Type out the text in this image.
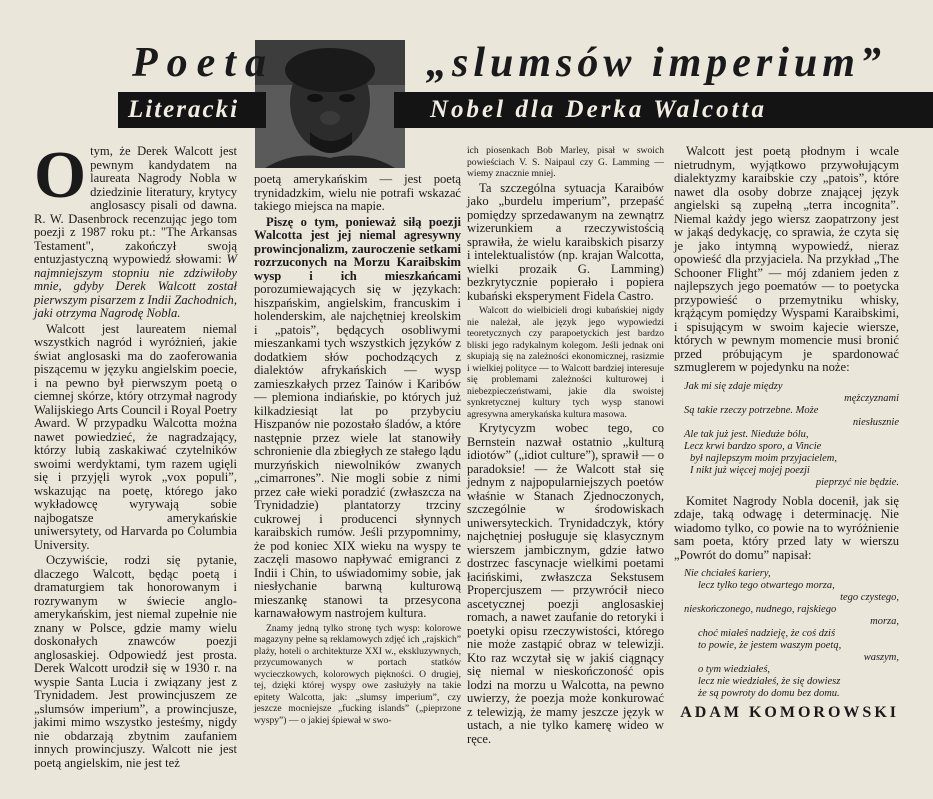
Poeta	„slumsów imperium”
Literacki	Nobel dla Derka Walcotta

Otym, że Derek Walcott jest pewnym kandydatem na laureata Nagrody Nobla w dziedzinie literatury, krytycy anglosascy pisali od dawna. R. W. Dasenbrock recenzując jego tom poezji z 1987 roku pt.: "The Arkansas Testament", zakończył swoją entuzjastyczną wypowiedź słowami: W najmniejszym stopniu nie zdziwiłoby mnie, gdyby Derek Walcott został pierwszym pisarzem z Indii Zachodnich, jaki otrzyma Nagrodę Nobla.

Walcott jest laureatem niemal wszystkich nagród i wyróżnień, jakie świat anglosaski ma do zaoferowania piszącemu w języku angielskim poecie, i na pewno był pierwszym poetą o ciemnej skórze, który otrzymał nagrody Walijskiego Arts Council i Royal Poetry Award. W przypadku Walcotta można nawet powiedzieć, że nagradzający, którzy lubią zaskakiwać czytelników swoimi werdyktami, tym razem ugięli się i przyjęli wyrok „vox populi”, wskazując na poetę, którego jako wykładowcę wyrywają sobie najbogatsze amerykańskie uniwersytety, od Harvarda po Columbia University.

Oczywiście, rodzi się pytanie, dlaczego Walcott, będąc poetą i dramaturgiem tak honorowanym i rozrywanym w świecie anglo-amerykańskim, jest niemal zupełnie nie znany w Polsce, gdzie mamy wielu doskonałych znawców poezji anglosaskiej. Odpowiedź jest prosta. Derek Walcott urodził się w 1930 r. na wyspie Santa Lucia i związany jest z Trynidadem. Jest prowincjuszem ze „slumsów imperium”, a prowincjusze, jakimi mimo wszystko jesteśmy, nigdy nie obdarzają zbytnim zaufaniem innych prowincjuszy. Walcott nie jest poetą angielskim, nie jest też

poetą amerykańskim — jest poetą trynidadzkim, wielu nie potrafi wskazać takiego miejsca na mapie.

Piszę o tym, ponieważ siłą poezji Walcotta jest jej niemal agresywny prowincjonalizm, zauroczenie setkami rozrzuconych na Morzu Karaibskim wysp i ich mieszkańcami porozumiewających się w językach: hiszpańskim, angielskim, francuskim i holenderskim, ale najchętniej kreolskim i „patois”, będących osobliwymi mieszankami tych wszystkich języków z dodatkiem słów pochodzących z dialektów afrykańskich — wysp zamieszkałych przez Tainów i Karibów — plemiona indiańskie, po których już kilkadziesiąt lat po przybyciu Hiszpanów nie pozostało śladów, a które następnie przez wiele lat stanowiły schronienie dla zbiegłych ze stałego lądu murzyńskich niewolników zwanych „cimarrones”. Nie mogli sobie z nimi przez całe wieki poradzić (zwłaszcza na Trynidadzie) plantatorzy trzciny cukrowej i producenci słynnych karaibskich rumów. Jeśli przypomnimy, że pod koniec XIX wieku na wyspy te zaczęli masowo napływać emigranci z Indii i Chin, to uświadomimy sobie, jak niesłychanie barwną kulturową mieszankę stanowi ta przesycona karnawałowym nastrojem kultura.

Znamy jedną tylko stronę tych wysp: kolorowe magazyny pełne są reklamowych zdjęć ich „rajskich” plaży, hoteli o architekturze XXI w., ekskluzywnych, przycumowanych w portach statków wycieczkowych, kolorowych piękności. O drugiej, tej, dzięki której wyspy owe zasłużyły na takie epitety Walcotta, jak: „slumsy imperium”, czy jeszcze mocniejsze „fucking islands” („pieprzone wyspy”) — o jakiej śpiewał w swo-

ich piosenkach Bob Marley, pisał w swoich powieściach V. S. Naipaul czy G. Lamming — wiemy znacznie mniej.

Ta szczególna sytuacja Karaibów jako „burdelu imperium”, przepaść pomiędzy sprzedawanym na zewnątrz wizerunkiem a rzeczywistością sprawiła, że wielu karaibskich pisarzy i intelektualistów (np. krajan Walcotta, wielki prozaik G. Lamming) bezkrytycznie popierało i popiera kubański eksperyment Fidela Castro.

Walcott do wielbicieli drogi kubańskiej nigdy nie należał, ale język jego wypowiedzi teoretycznych czy parapoetyckich jest bardzo bliski jego radykalnym kolegom. Jeśli jednak oni skupiają się na zależności ekonomicznej, rasizmie i wielkiej polityce — to Walcott bardziej interesuje się problemami zależności kulturowej i niebezpieczeństwami, jakie dla swoistej synkretycznej kultury tych wysp stanowi agresywna amerykańska kultura masowa.

Krytycyzm wobec tego, co Bernstein nazwał ostatnio „kulturą idiotów” („idiot culture”), sprawił — o paradoksie! — że Walcott stał się jednym z najpopularniejszych poetów właśnie w Stanach Zjednoczonych, szczególnie w środowiskach uniwersyteckich. Trynidadczyk, który najchętniej posługuje się klasycznym wierszem jambicznym, gdzie łatwo dostrzec fascynacje wielkimi poetami łacińskimi, zwłaszcza Sekstusem Propercjuszem — przywrócił nieco ascetycznej poezji anglosaskiej romach, a nawet zaufanie do retoryki i poetyki opisu rzeczywistości, którego nie może zastąpić obraz w telewizji. Kto raz wczytał się w jakiś ciągnący się niemal w nieskończoność opis lodzi na morzu u Walcotta, na pewno uwierzy, że poezja może konkurować z telewizją, że mamy jeszcze język w ustach, a nie tylko kamerę wideo w ręce.

Walcott jest poetą płodnym i wcale nietrudnym, wyjątkowo przywołującym dialektyzmy karaibskie czy „patois”, które nawet dla osoby dobrze znającej język angielski są zupełną „terra incognita”. Niemal każdy jego wiersz zaopatrzony jest w jakąś dedykację, co sprawia, że czyta się je jako intymną wypowiedź, nieraz opowieść dla przyjaciela. Na przykład „The Schooner Flight” — mój zdaniem jeden z najlepszych jego poematów — to poetycka przypowieść o przemytniku whisky, krążącym pomiędzy Wyspami Karaibskimi, i spisującym w swoim kajecie wiersze, których w pewnym momencie musi bronić przed próbującym je spardonować szmuglerem w pojedynku na noże:

Jak mi się zdaje między
mężczyznami
Są takie rzeczy potrzebne. Może
niesłusznie
Ale tak już jest. Nieduże bólu,
Lecz krwi bardzo sporo, a Vincie
był najlepszym moim przyjacielem,
I nikt już więcej mojej poezji
pieprzyć nie będzie.

Komitet Nagrody Nobla docenił, jak się zdaje, taką odwagę i determinację. Nie wiadomo tylko, co powie na to wyróżnienie sam poeta, który przed laty w wierszu „Powrót do domu” napisał:

Nie chciałeś kariery,
lecz tylko tego otwartego morza,
tego czystego,
nieskończonego, nudnego, rajskiego
morza,
choć miałeś nadzieję, że coś dziś
to powie, że jestem waszym poetą,
waszym,
o tym wiedziałeś,
lecz nie wiedziałeś, że się dowiesz
że są powroty do domu bez domu.
ADAM KOMOROWSKI
